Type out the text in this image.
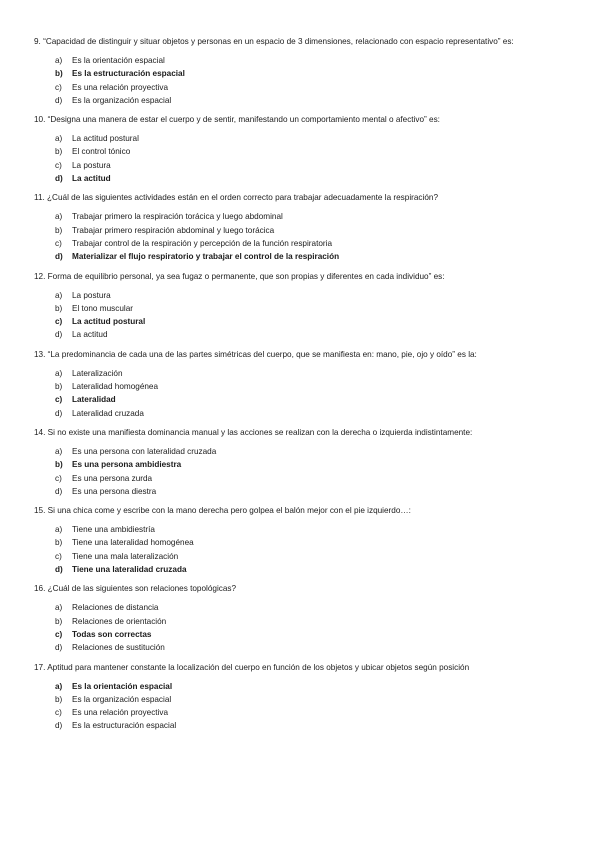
9. “Capacidad de distinguir y situar objetos y personas en un espacio de 3 dimensiones, relacionado con espacio representativo” es:

a) Es la orientación espacial
b) Es la estructuración espacial
c) Es una relación proyectiva
d) Es la organización espacial

10. “Designa una manera de estar el cuerpo y de sentir, manifestando un comportamiento mental o afectivo” es:

a) La actitud postural
b) El control tónico
c) La postura
d) La actitud

11. ¿Cuál de las siguientes actividades están en el orden correcto para trabajar adecuadamente la respiración?

a) Trabajar primero la respiración torácica y luego abdominal
b) Trabajar primero respiración abdominal y luego torácica
c) Trabajar control de la respiración y percepción de la función respiratoria
d) Materializar el flujo respiratorio y trabajar el control de la respiración

12. Forma de equilibrio personal, ya sea fugaz o permanente, que son propias y diferentes en cada individuo” es:

a) La postura
b) El tono muscular
c) La actitud postural
d) La actitud

13. “La predominancia de cada una de las partes simétricas del cuerpo, que se manifiesta en: mano, pie, ojo y oído” es la:

a) Lateralización
b) Lateralidad homogénea
c) Lateralidad
d) Lateralidad cruzada

14. Si no existe una manifiesta dominancia manual y las acciones se realizan con la derecha o izquierda indistintamente:

a) Es una persona con lateralidad cruzada
b) Es una persona ambidiestra
c) Es una persona zurda
d) Es una persona diestra

15. Si una chica come y escribe con la mano derecha pero golpea el balón mejor con el pie izquierdo…:

a) Tiene una ambidiestría
b) Tiene una lateralidad homogénea
c) Tiene una mala lateralización
d) Tiene una lateralidad cruzada

16. ¿Cuál de las siguientes son relaciones topológicas?

a) Relaciones de distancia
b) Relaciones de orientación
c) Todas son correctas
d) Relaciones de sustitución

17. Aptitud para mantener constante la localización del cuerpo en función de los objetos y ubicar objetos según posición

a) Es la orientación espacial
b) Es la organización espacial
c) Es una relación proyectiva
d) Es la estructuración espacial
